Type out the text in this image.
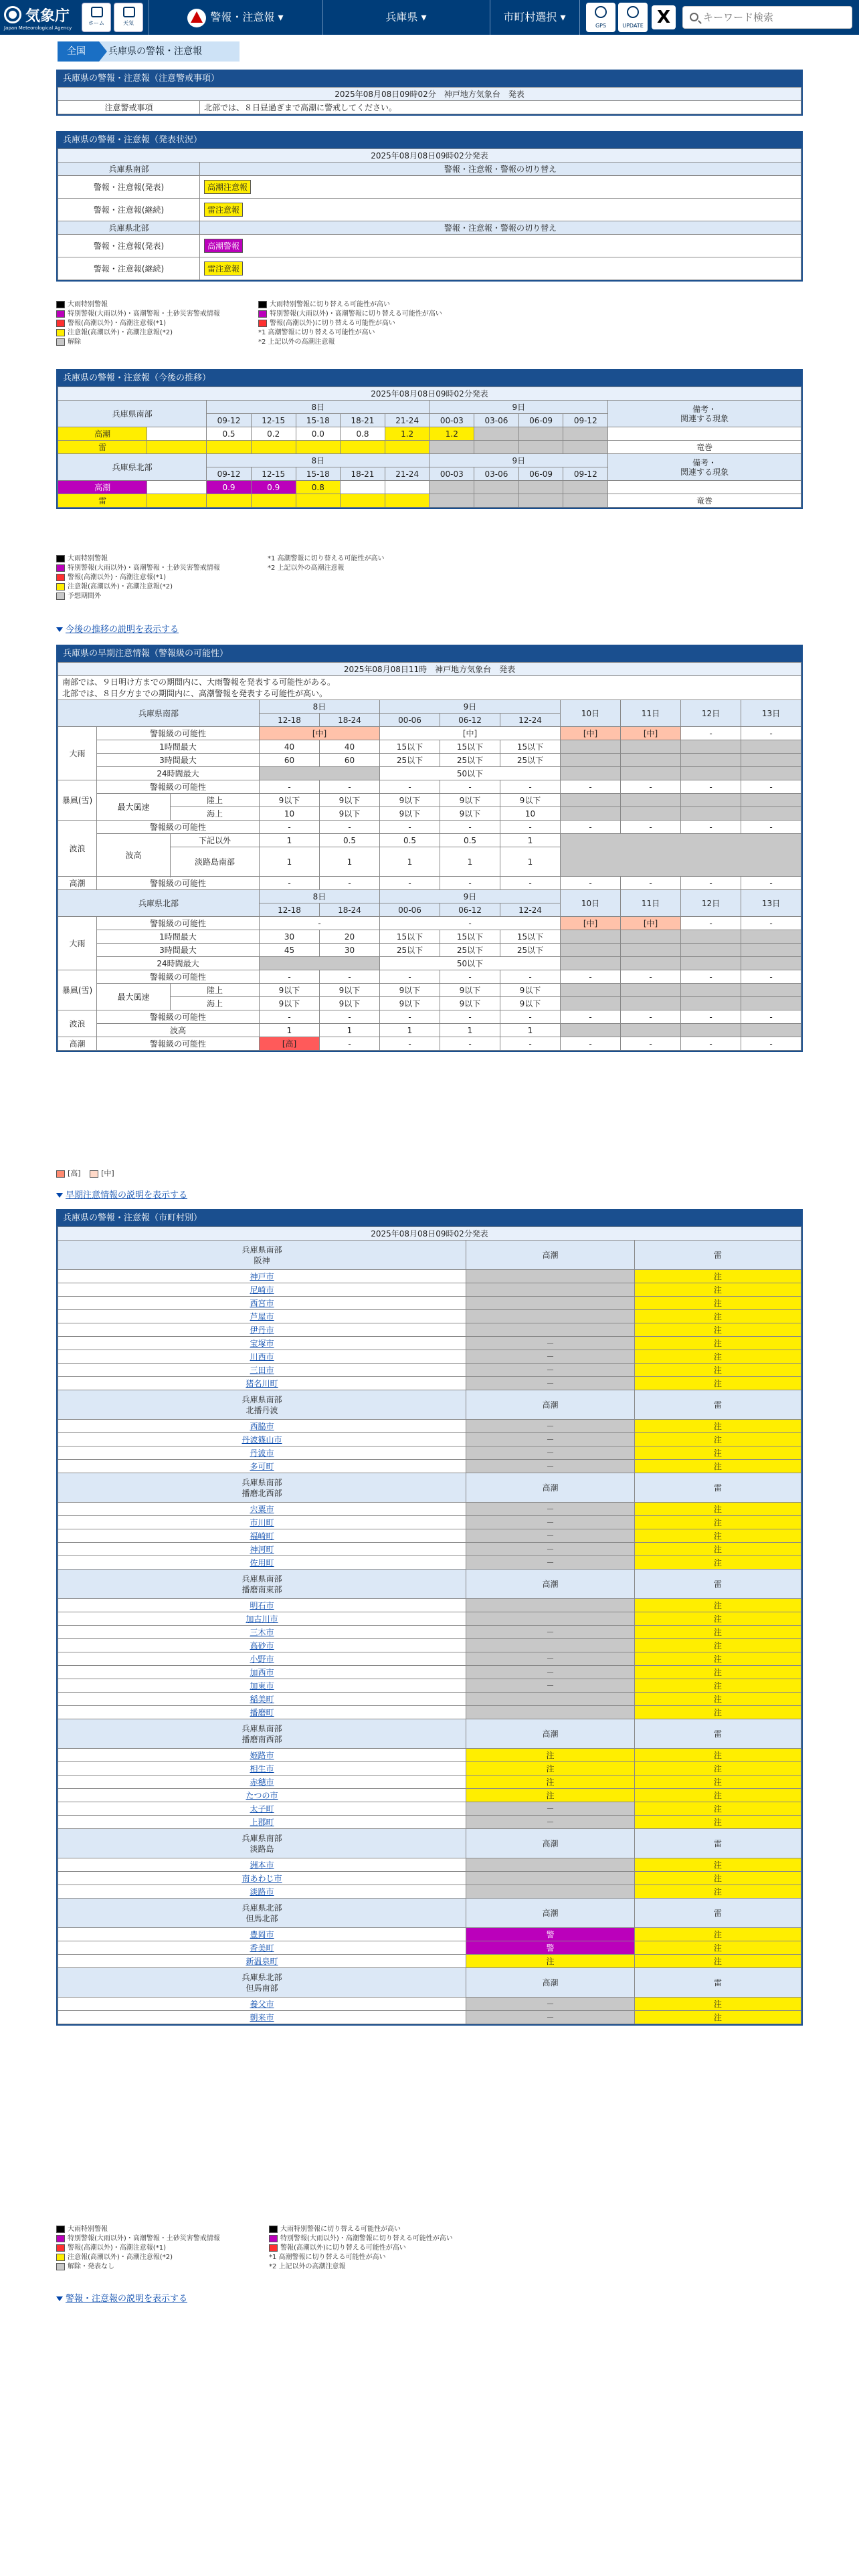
気象庁
Japan Meteorological Agency
ホーム	天気	警報・注意報 ▾	兵庫県 ▾	市町村選択 ▾
GPS	UPDATE X
キーワード検索
全国	兵庫県の警報・注意報
兵庫県の警報・注意報（注意警戒事項）
2025年08月08日09時02分　神戸地方気象台　発表
注意警戒事項	北部では、８日昼過ぎまで高潮に警戒してください。
兵庫県の警報・注意報（発表状況）
2025年08月08日09時02分発表	
兵庫県南部	警報・注意報・警報の切り替え
警報・注意報(発表)	高潮注意報
警報・注意報(継続)	雷注意報
兵庫県北部	警報・注意報・警報の切り替え
警報・注意報(発表)	高潮警報
警報・注意報(継続)	雷注意報
大雨特別警報
特別警報(大雨以外)・高潮警報・土砂災害警戒情報
警報(高潮以外)・高潮注意報(*1)
注意報(高潮以外)・高潮注意報(*2)
解除
大雨特別警報に切り替える可能性が高い
特別警報(大雨以外)・高潮警報に切り替える可能性が高い
警報(高潮以外)に切り替える可能性が高い
*1 高潮警報に切り替える可能性が高い
*2 上記以外の高潮注意報
兵庫県の警報・注意報（今後の推移）
2025年08月08日09時02分発表											
兵庫県南部		8日					9日				備考・
関連する現象
		09-12	12-15	15-18	18-21	21-24	00-03	03-06	06-09	09-12	
高潮		0.5	0.2	0.0	0.8	1.2	1.2				
雷											竜巻
兵庫県北部		8日					9日				備考・
関連する現象
		09-12	12-15	15-18	18-21	21-24	00-03	03-06	06-09	09-12	
高潮		0.9	0.9	0.8							
雷											竜巻
大雨特別警報
特別警報(大雨以外)・高潮警報・土砂災害警戒情報
警報(高潮以外)・高潮注意報(*1)
注意報(高潮以外)・高潮注意報(*2)
予想期間外
*1 高潮警報に切り替える可能性が高い
*2 上記以外の高潮注意報
今後の推移の説明を表示する
兵庫県の早期注意情報（警報級の可能性）
2025年08月08日11時　神戸地方気象台　発表											

南部では、９日明け方までの期間内に、大雨警報を発表する可能性がある。
北部では、８日夕方までの期間内に、高潮警報を発表する可能性が高い。											

兵庫県南部			8日		9日			10日	11日	12日	13日
			12-18	18-24	00-06	06-12	12-24				
大雨	警報級の可能性		[中]		[中]			[中]	[中]	-	-
	1時間最大		40	40	15以下	15以下	15以下				
	3時間最大		60	60	25以下	25以下	25以下				
	24時間最大				50以下						
暴風(雪)	警報級の可能性		-	-	-	-	-	-	-	-	-
	最大風速	陸上	9以下	9以下	9以下	9以下	9以下				
		海上	10	9以下	9以下	9以下	10				
波浪	警報級の可能性		-	-	-	-	-	-	-	-	-
	波高	下記以外	1	0.5	0.5	0.5	1				
		淡路島南部	1	1	1	1	1				

高潮	警報級の可能性		-	-	-	-	-	-	-	-	-
兵庫県北部			8日		9日			10日	11日	12日	13日
			12-18	18-24	00-06	06-12	12-24				
大雨	警報級の可能性		-		-			[中]	[中]	-	-
	1時間最大		30	20	15以下	15以下	15以下				
	3時間最大		45	30	25以下	25以下	25以下				
	24時間最大				50以下						
暴風(雪)	警報級の可能性		-	-	-	-	-	-	-	-	-
	最大風速	陸上	9以下	9以下	9以下	9以下	9以下				
		海上	9以下	9以下	9以下	9以下	9以下				
波浪	警報級の可能性		-	-	-	-	-	-	-	-	-
	波高		1	1	1	1	1				
高潮	警報級の可能性		[高]	-	-	-	-	-	-	-	-
[高]	[中]
早期注意情報の説明を表示する
兵庫県の警報・注意報（市町村別）
2025年08月08日09時02分発表		
兵庫県南部
阪神	高潮	雷
神戸市		注
尼崎市		注
西宮市		注
芦屋市		注
伊丹市		注
宝塚市	－	注
川西市	－	注
三田市	－	注
猪名川町	－	注
兵庫県南部
北播丹波	高潮	雷
西脇市	－	注
丹波篠山市	－	注
丹波市	－	注
多可町	－	注
兵庫県南部
播磨北西部	高潮	雷
宍粟市	－	注
市川町	－	注
福崎町	－	注
神河町	－	注
佐用町	－	注
兵庫県南部
播磨南東部	高潮	雷
明石市		注
加古川市		注
三木市	－	注
高砂市		注
小野市	－	注
加西市	－	注
加東市	－	注
稲美町		注
播磨町		注
兵庫県南部
播磨南西部	高潮	雷
姫路市	注	注
相生市	注	注
赤穂市	注	注
たつの市	注	注
太子町	－	注
上郡町	－	注
兵庫県南部
淡路島	高潮	雷
洲本市		注
南あわじ市		注
淡路市		注
兵庫県北部
但馬北部	高潮	雷
豊岡市	警	注
香美町	警	注
新温泉町	注	注
兵庫県北部
但馬南部	高潮	雷
養父市	－	注
朝来市	－	注
大雨特別警報
特別警報(大雨以外)・高潮警報・土砂災害警戒情報
警報(高潮以外)・高潮注意報(*1)
注意報(高潮以外)・高潮注意報(*2)
解除・発表なし
大雨特別警報に切り替える可能性が高い
特別警報(大雨以外)・高潮警報に切り替える可能性が高い
警報(高潮以外)に切り替える可能性が高い
*1 高潮警報に切り替える可能性が高い
*2 上記以外の高潮注意報
警報・注意報の説明を表示する
